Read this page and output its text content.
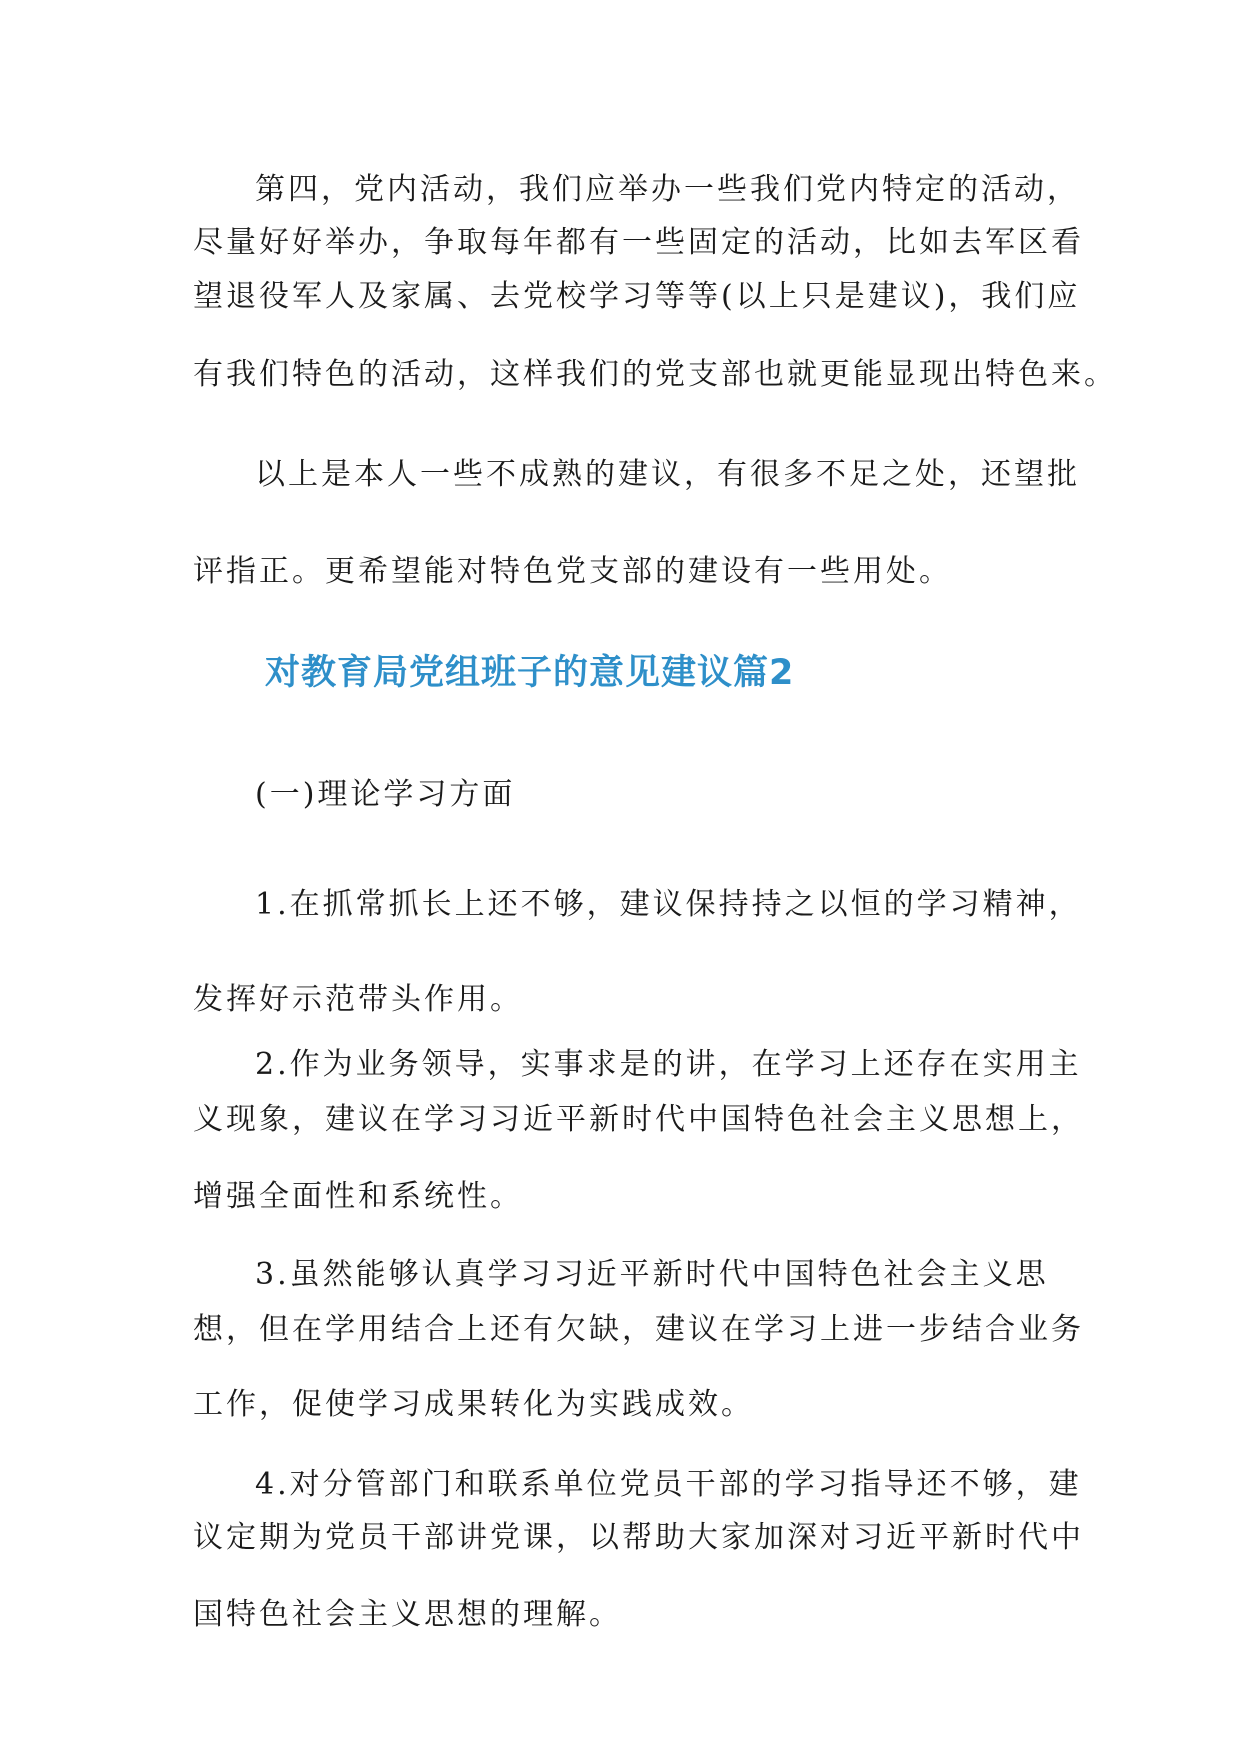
第四，党内活动，我们应举办一些我们党内特定的活动，
尽量好好举办，争取每年都有一些固定的活动，比如去军区看
望退役军人及家属、去党校学习等等(以上只是建议)，我们应
有我们特色的活动，这样我们的党支部也就更能显现出特色来。
以上是本人一些不成熟的建议，有很多不足之处，还望批
评指正。更希望能对特色党支部的建设有一些用处。
对教育局党组班子的意见建议篇2
(一)理论学习方面
1.在抓常抓长上还不够，建议保持持之以恒的学习精神，
发挥好示范带头作用。
2.作为业务领导，实事求是的讲，在学习上还存在实用主
义现象，建议在学习习近平新时代中国特色社会主义思想上，
增强全面性和系统性。
3.虽然能够认真学习习近平新时代中国特色社会主义思
想，但在学用结合上还有欠缺，建议在学习上进一步结合业务
工作，促使学习成果转化为实践成效。
4.对分管部门和联系单位党员干部的学习指导还不够，建
议定期为党员干部讲党课，以帮助大家加深对习近平新时代中
国特色社会主义思想的理解。
